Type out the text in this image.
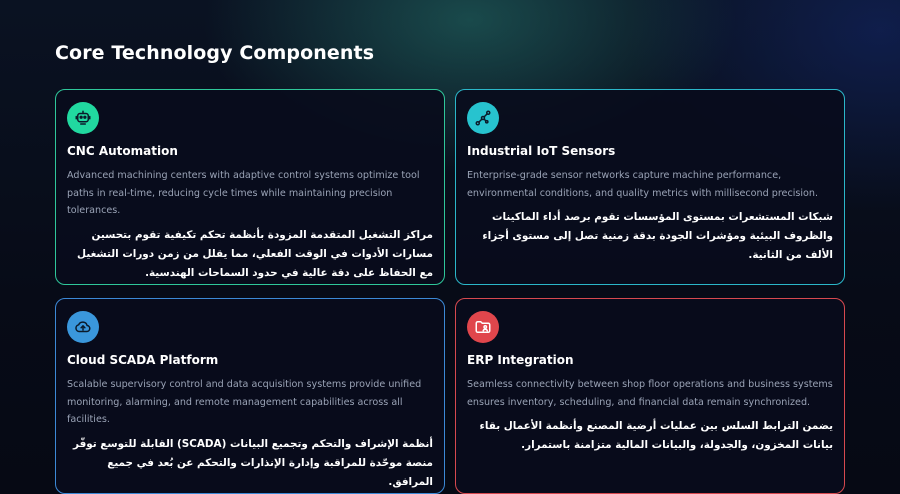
Core Technology Components
CNC Automation

Advanced machining centers with adaptive control systems optimize tool paths in real-time, reducing cycle times while maintaining precision tolerances.

مراكز التشغيل المتقدمة المزودة بأنظمة تحكم تكيفية تقوم بتحسين مسارات الأدوات في الوقت الفعلي، مما يقلل من زمن دورات التشغيل مع الحفاظ على دقة عالية في حدود السماحات الهندسية.

Industrial IoT Sensors

Enterprise-grade sensor networks capture machine performance, environmental conditions, and quality metrics with millisecond precision.

شبكات المستشعرات بمستوى المؤسسات تقوم برصد أداء الماكينات والظروف البيئية ومؤشرات الجودة بدقة زمنية تصل إلى مستوى أجزاء الألف من الثانية.

Cloud SCADA Platform

Scalable supervisory control and data acquisition systems provide unified monitoring, alarming, and remote management capabilities across all facilities.

أنظمة الإشراف والتحكم وتجميع البيانات (SCADA) القابلة للتوسع توفّر منصة موحّدة للمراقبة وإدارة الإنذارات والتحكم عن بُعد في جميع المرافق.

ERP Integration

Seamless connectivity between shop floor operations and business systems ensures inventory, scheduling, and financial data remain synchronized.

يضمن الترابط السلس بين عمليات أرضية المصنع وأنظمة الأعمال بقاء بيانات المخزون، والجدولة، والبيانات المالية متزامنة باستمرار.
